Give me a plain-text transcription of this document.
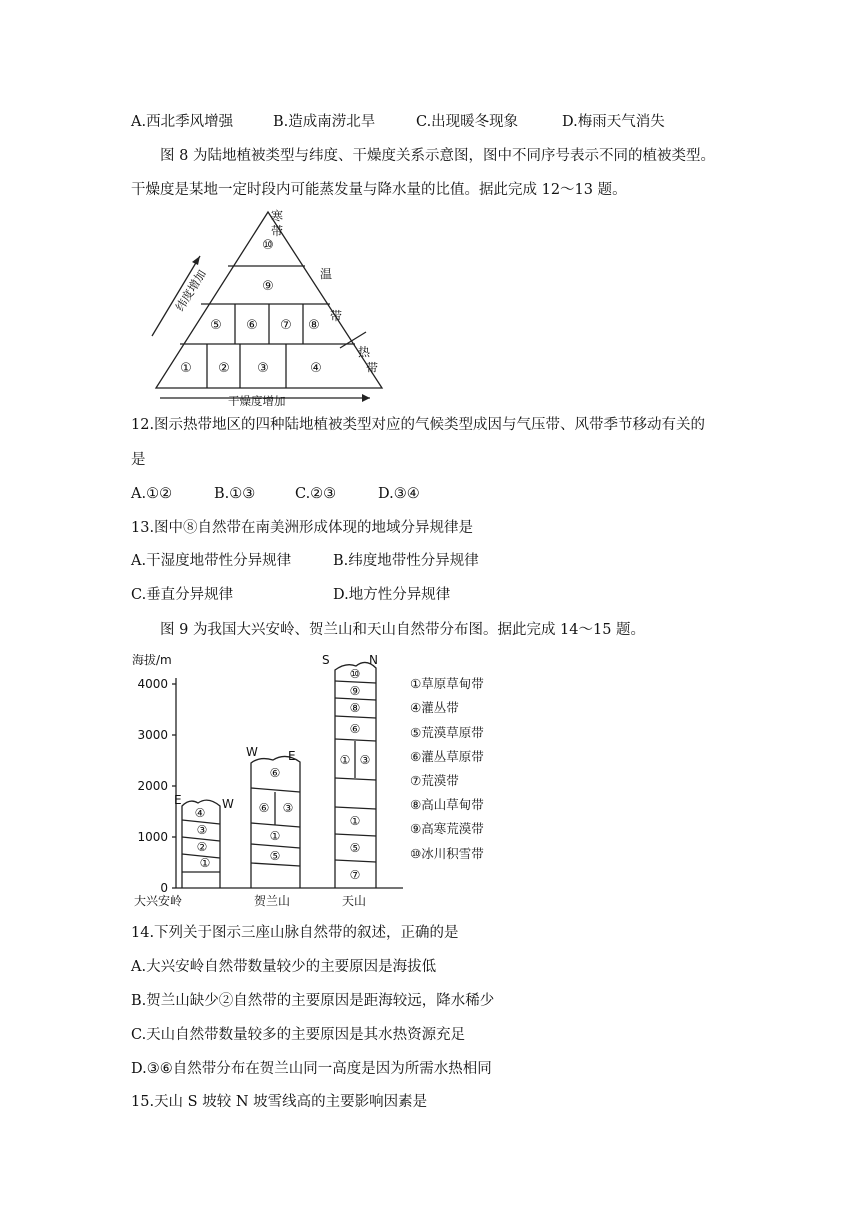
A.西北季风增强	B.造成南涝北旱	C.出现暖冬现象	D.梅雨天气消失
图 8 为陆地植被类型与纬度、干燥度关系示意图，图中不同序号表示不同的植被类型。
干燥度是某地一定时段内可能蒸发量与降水量的比值。据此完成 12～13 题。
⑩
⑨
⑤ ⑥ ⑦ ⑧
① ② ③	④
寒
带
温
带
热
带
纬度增加
干燥度增加
12.图示热带地区的四种陆地植被类型对应的气候类型成因与气压带、风带季节移动有关的
是
A.①②	B.①③	C.②③	D.③④
13.图中⑧自然带在南美洲形成体现的地域分异规律是
A.干湿度地带性分异规律	B.纬度地带性分异规律
C.垂直分异规律	D.地方性分异规律
图 9 为我国大兴安岭、贺兰山和天山自然带分布图。据此完成 14～15 题。
海拔/m
0
1000
2000
3000
4000
E	W
W	E
S	N
大兴安岭	贺兰山	天山
①
②
③
④
⑤
①
⑥ ③
⑥
⑦
⑤
①
① ③
⑥
⑧
⑨
⑩
①草原草甸带
④灌丛带
⑤荒漠草原带
⑥灌丛草原带
⑦荒漠带
⑧高山草甸带
⑨高寒荒漠带
⑩冰川积雪带
14.下列关于图示三座山脉自然带的叙述，正确的是
A.大兴安岭自然带数量较少的主要原因是海拔低
B.贺兰山缺少②自然带的主要原因是距海较远，降水稀少
C.天山自然带数量较多的主要原因是其水热资源充足
D.③⑥自然带分布在贺兰山同一高度是因为所需水热相同
15.天山 S 坡较 N 坡雪线高的主要影响因素是
